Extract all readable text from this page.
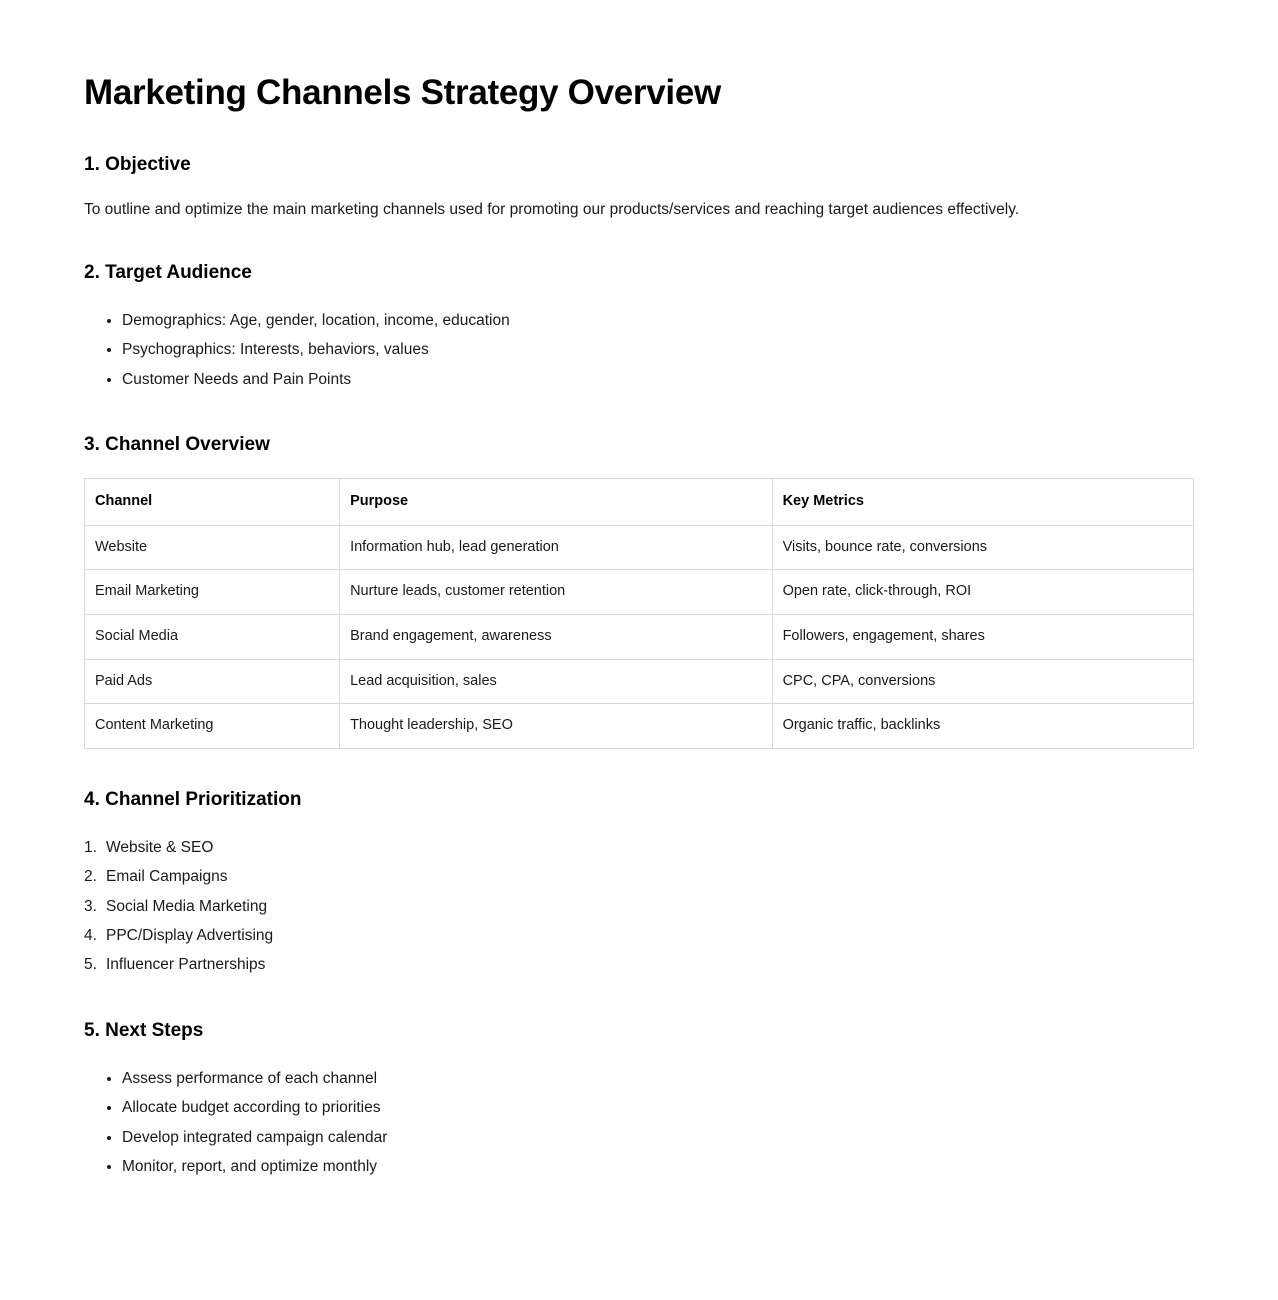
Marketing Channels Strategy Overview
1. Objective

To outline and optimize the main marketing channels used for promoting our products/services and reaching target audiences effectively.

2. Target Audience
• Demographics: Age, gender, location, income, education
• Psychographics: Interests, behaviors, values
• Customer Needs and Pain Points
3. Channel Overview
Channel	Purpose	Key Metrics
Website	Information hub, lead generation	Visits, bounce rate, conversions
Email Marketing	Nurture leads, customer retention	Open rate, click-through, ROI
Social Media	Brand engagement, awareness	Followers, engagement, shares
Paid Ads	Lead acquisition, sales	CPC, CPA, conversions
Content Marketing	Thought leadership, SEO	Organic traffic, backlinks
4. Channel Prioritization
Website & SEO
Email Campaigns
Social Media Marketing
PPC/Display Advertising
Influencer Partnerships
5. Next Steps
• Assess performance of each channel
• Allocate budget according to priorities
• Develop integrated campaign calendar
• Monitor, report, and optimize monthly
